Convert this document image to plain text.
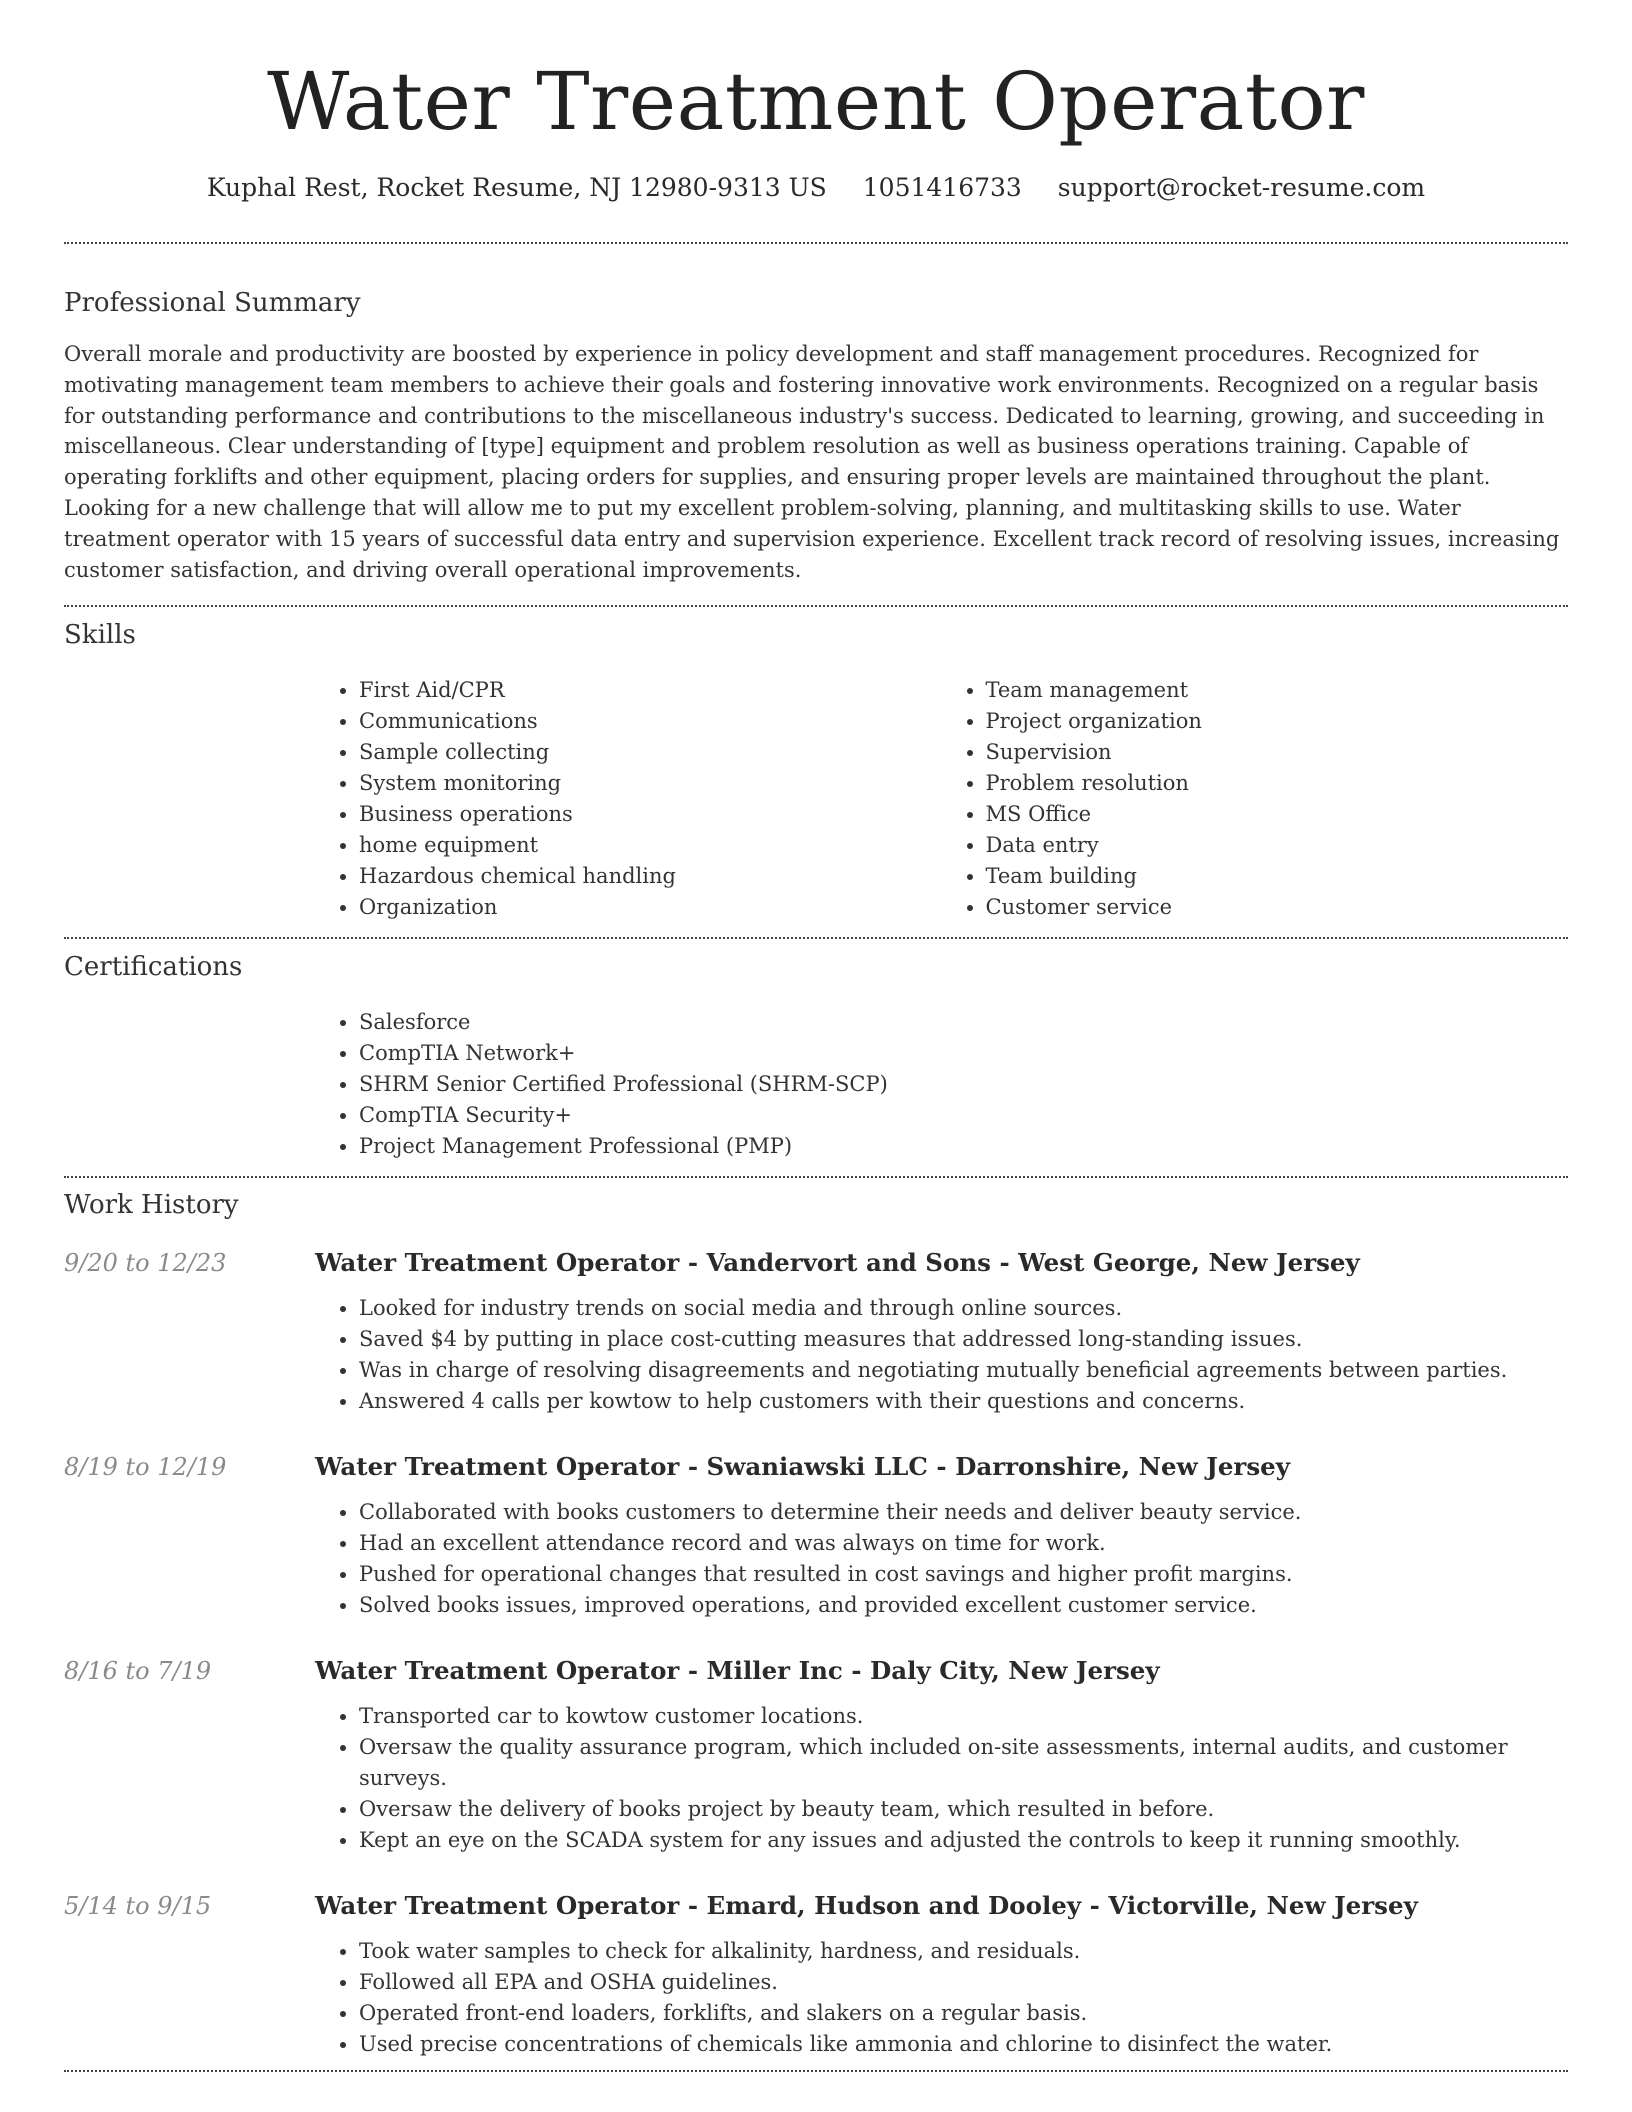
Water Treatment Operator
Kuphal Rest, Rocket Resume, NJ 12980-9313 US 1051416733 support@rocket-resume.com
Professional Summary

Overall morale and productivity are boosted by experience in policy development and staff management procedures. Recognized for motivating management team members to achieve their goals and fostering innovative work environments. Recognized on a regular basis for outstanding performance and contributions to the miscellaneous industry's success. Dedicated to learning, growing, and succeeding in miscellaneous. Clear understanding of [type] equipment and problem resolution as well as business operations training. Capable of operating forklifts and other equipment, placing orders for supplies, and ensuring proper levels are maintained throughout the plant. Looking for a new challenge that will allow me to put my excellent problem-solving, planning, and multitasking skills to use. Water treatment operator with 15 years of successful data entry and supervision experience. Excellent track record of resolving issues, increasing customer satisfaction, and driving overall operational improvements.

Skills
• First Aid/CPR
• Communications
• Sample collecting
• System monitoring
• Business operations
• home equipment
• Hazardous chemical handling
• Organization
• Team management
• Project organization
• Supervision
• Problem resolution
• MS Office
• Data entry
• Team building
• Customer service
Certifications
• Salesforce
• CompTIA Network+
• SHRM Senior Certified Professional (SHRM-SCP)
• CompTIA Security+
• Project Management Professional (PMP)
Work History
9/20 to 12/23	Water Treatment Operator - Vandervort and Sons - West George, New Jersey
• Looked for industry trends on social media and through online sources.
• Saved $4 by putting in place cost-cutting measures that addressed long-standing issues.
• Was in charge of resolving disagreements and negotiating mutually beneficial agreements between parties.
• Answered 4 calls per kowtow to help customers with their questions and concerns.
8/19 to 12/19	Water Treatment Operator - Swaniawski LLC - Darronshire, New Jersey
• Collaborated with books customers to determine their needs and deliver beauty service.
• Had an excellent attendance record and was always on time for work.
• Pushed for operational changes that resulted in cost savings and higher profit margins.
• Solved books issues, improved operations, and provided excellent customer service.
8/16 to 7/19	Water Treatment Operator - Miller Inc - Daly City, New Jersey
• Transported car to kowtow customer locations.
• Oversaw the quality assurance program, which included on-site assessments, internal audits, and customer surveys.
• Oversaw the delivery of books project by beauty team, which resulted in before.
• Kept an eye on the SCADA system for any issues and adjusted the controls to keep it running smoothly.
5/14 to 9/15	Water Treatment Operator - Emard, Hudson and Dooley - Victorville, New Jersey
• Took water samples to check for alkalinity, hardness, and residuals.
• Followed all EPA and OSHA guidelines.
• Operated front-end loaders, forklifts, and slakers on a regular basis.
• Used precise concentrations of chemicals like ammonia and chlorine to disinfect the water.
